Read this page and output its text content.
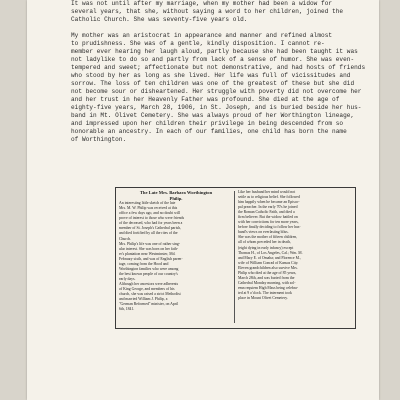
It was not until after my marriage, when my mother had been a widow for
several years, that she, without saying a word to her children, joined the
Catholic Church. She was seventy-five years old.

My mother was an aristocrat in appearance and manner and refined almost
to prudishness. She was of a gentle, kindly disposition. I cannot re-
member ever hearing her laugh aloud, partly because she had been taught it was
not ladylike to do so and partly from lack of a sense of humor. She was even-
tempered and sweet; affectionate but not demonstrative, and had hosts of friends
who stood by her as long as she lived. Her life was full of vicissitudes and
sorrow. The loss of ten children was one of the greatest of these but she did
not become sour or disheartened. Her struggle with poverty did not overcome her
and her trust in her Heavenly Father was profound. She died at the age of
eighty-five years, March 28, 1906, in St. Joseph, and is buried beside her hus-
band in Mt. Olivet Cemetery. She was always proud of her Worthington lineage,
and impressed upon her children their privilege in being descended from so
honorable an ancestry. In each of our families, one child has born the name
of Worthington.

The Late Mrs. Barbara Worthington
Philip.
An interesting little sketch of the late
Mrs. M. W. Philip was received at this
office a few days ago, and no doubt will
prove of interest to those who were friends
of the deceased, who had for years been a
member of St. Joseph's Cathedral parish,
and died fortified by all the rites of the
Church.
Mrs. Philip's life was one of rather sing-
ular interest. She was born on her fath-
er's plantation near Westminster, Md.
February sixth, and was of English paren-
tage, coming from the Hood and
Worthington families who were among
the best known people of our country's
early days.
Although her ancestors were adherents
of King George, and members of his
church, she was raised a strict Methodist
and married William J. Philip, a
"German Reformed" minister, on April
6th, 1841.
Like her husband her mind would not
settle as to religious belief. She followed
him happily when he became an Episco-
pal preacher. In the early 70's he joined
the Roman Catholic Faith, and died a
firm believer. But the widow battled on
with her convictions for ten more years,
before finally deciding to follow her hus-
band's views on everlasting bliss.
She was the mother of fifteen children,
all of whom preceded her in death,
(eight dying in early infancy) except
Thomas H., of Los Angeles, Cal.; Wm. M.
and Mary E. of Omaha; and Florence M.,
wife of William Conrad of Kansas City.
Eleven grandchildren also survive Mrs.
Philip who died at the age of 85 years,
March 28th, and was buried from the
Cathedral Monday morning, with sol-
emn requiem High Mass being celebra-
ted at 9 o'clock. The interment took
place in Mount Olivet Cemetery.
